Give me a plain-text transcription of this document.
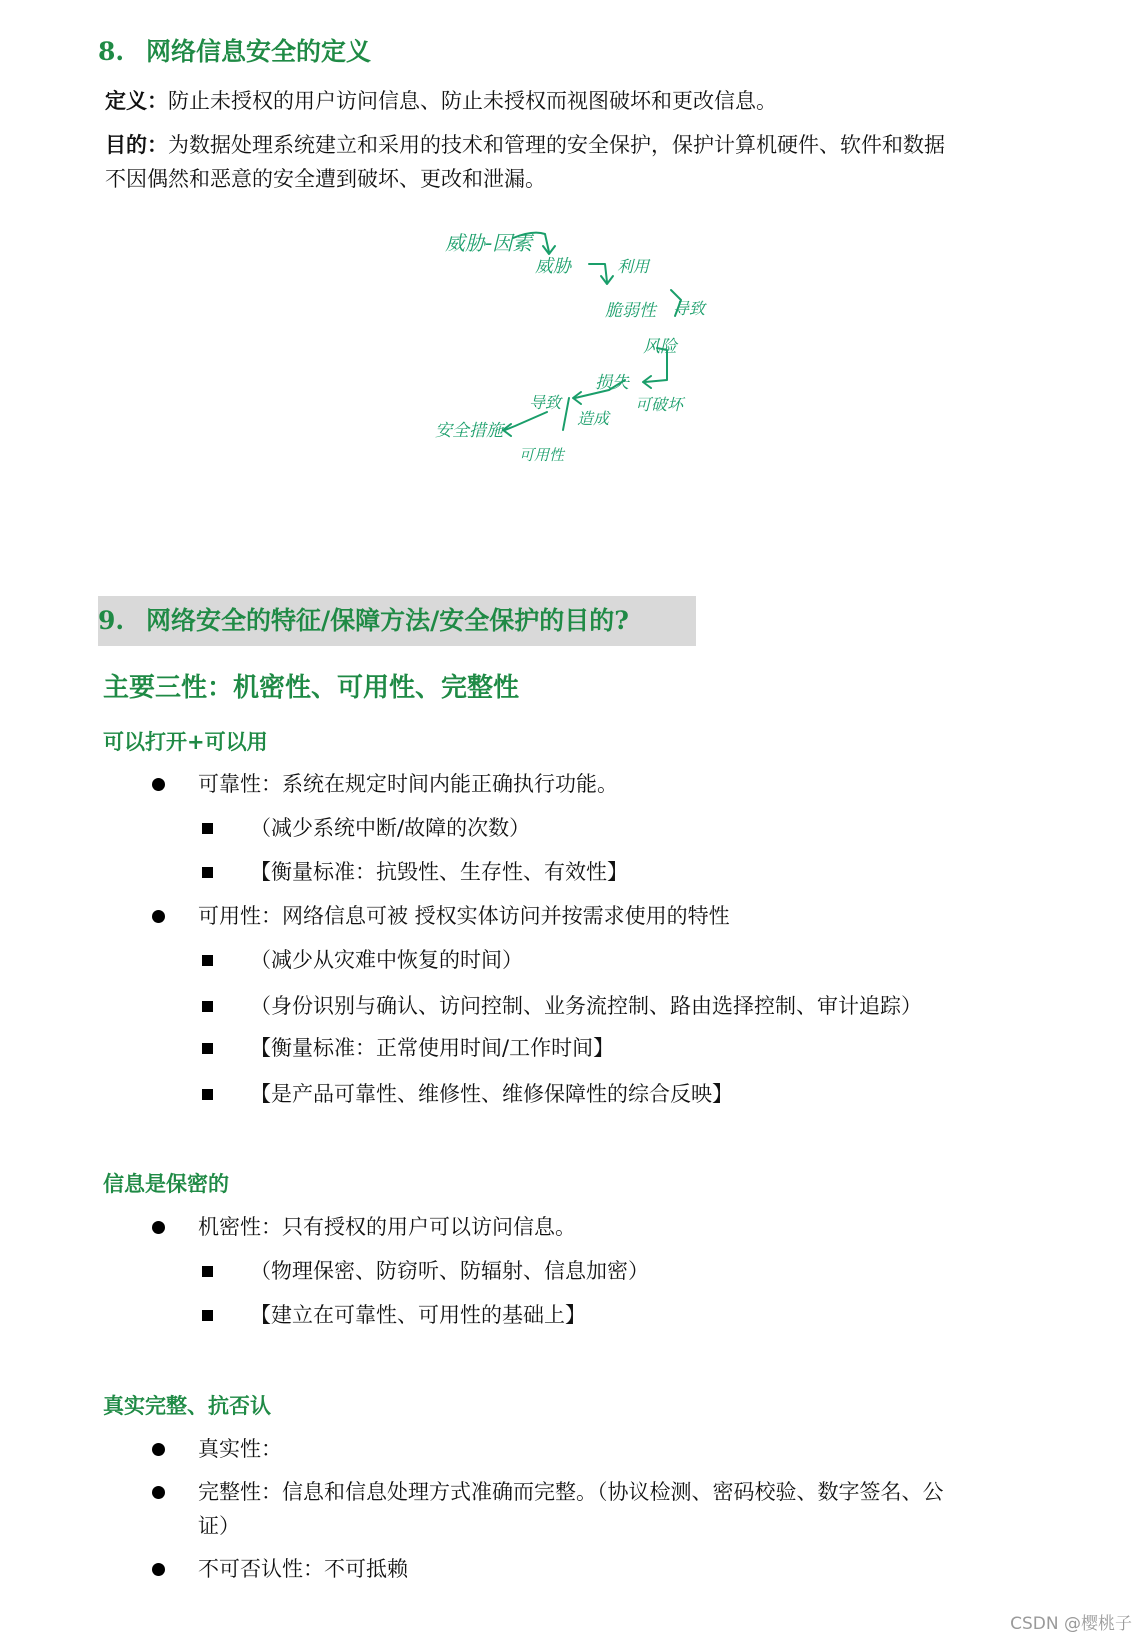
8. 网络信息安全的定义
定义：防止未授权的用户访问信息、防止未授权而视图破坏和更改信息。
目的：为数据处理系统建立和采用的技术和管理的安全保护，保护计算机硬件、软件和数据
不因偶然和恶意的安全遭到破坏、更改和泄漏。
威胁-因素
威胁	利用
脆弱性 导致
风险
损失
造成
导致	可破坏
安全措施
可用性
9. 网络安全的特征/保障方法/安全保护的目的?
主要三性：机密性、可用性、完整性
可以打开+可以用
可靠性：系统在规定时间内能正确执行功能。
（减少系统中断/故障的次数）
【衡量标准：抗毁性、生存性、有效性】
可用性：网络信息可被 授权实体访问并按需求使用的特性
（减少从灾难中恢复的时间）
（身份识别与确认、访问控制、业务流控制、路由选择控制、审计追踪）
【衡量标准：正常使用时间/工作时间】
【是产品可靠性、维修性、维修保障性的综合反映】
信息是保密的
机密性：只有授权的用户可以访问信息。
（物理保密、防窃听、防辐射、信息加密）
【建立在可靠性、可用性的基础上】
真实完整、抗否认
真实性：
完整性：信息和信息处理方式准确而完整。（协议检测、密码校验、数字签名、公
证）
不可否认性：不可抵赖
CSDN @樱桃子
